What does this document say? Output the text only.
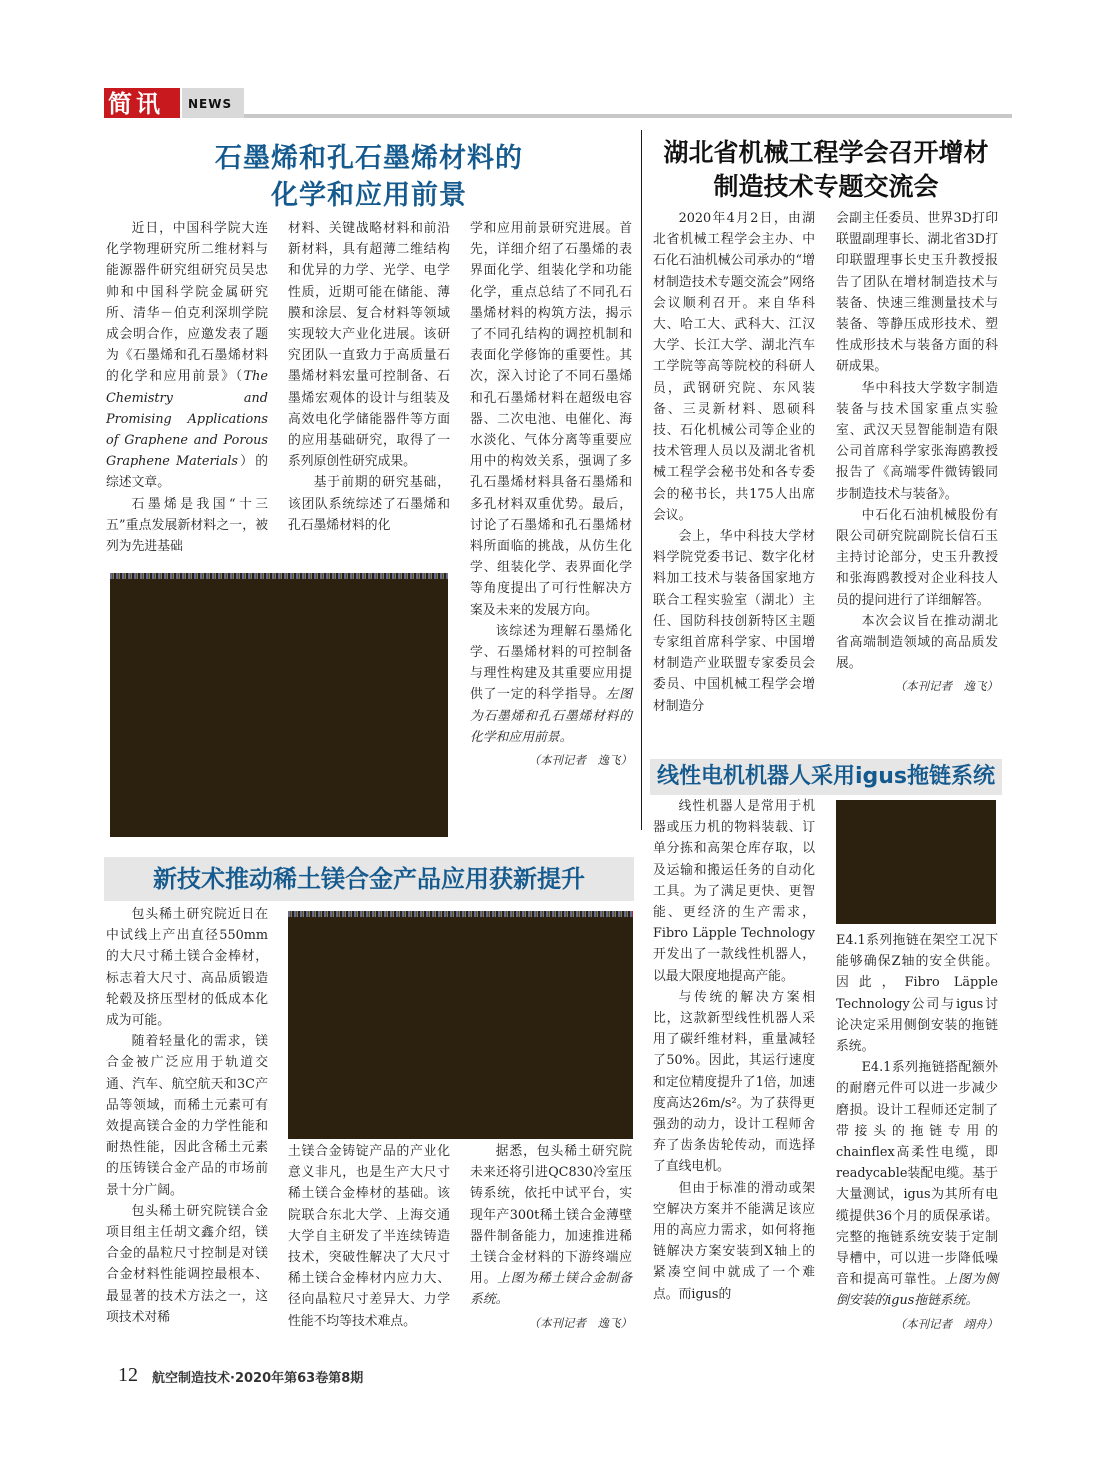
简讯	NEWS
石墨烯和孔石墨烯材料的
化学和应用前景

近日，中国科学院大连化学物理研究所二维材料与能源器件研究组研究员吴忠帅和中国科学院金属研究所、清华－伯克利深圳学院成会明合作，应邀发表了题为《石墨烯和孔石墨烯材料的化学和应用前景》（The Chemistry and Promising Applications of Graphene and Porous Graphene Materials）的综述文章。

石墨烯是我国“十三五”重点发展新材料之一，被列为先进基础

材料、关键战略材料和前沿新材料，具有超薄二维结构和优异的力学、光学、电学性质，近期可能在储能、薄膜和涂层、复合材料等领域实现较大产业化进展。该研究团队一直致力于高质量石墨烯材料宏量可控制备、石墨烯宏观体的设计与组装及高效电化学储能器件等方面的应用基础研究，取得了一系列原创性研究成果。

基于前期的研究基础，该团队系统综述了石墨烯和孔石墨烯材料的化

学和应用前景研究进展。首先，详细介绍了石墨烯的表界面化学、组装化学和功能化学，重点总结了不同孔石墨烯材料的构筑方法，揭示了不同孔结构的调控机制和表面化学修饰的重要性。其次，深入讨论了不同石墨烯和孔石墨烯材料在超级电容器、二次电池、电催化、海水淡化、气体分离等重要应用中的构效关系，强调了多孔石墨烯材料具备石墨烯和多孔材料双重优势。最后，讨论了石墨烯和孔石墨烯材料所面临的挑战，从仿生化学、组装化学、表界面化学等角度提出了可行性解决方案及未来的发展方向。

该综述为理解石墨烯化学、石墨烯材料的可控制备与理性构建及其重要应用提供了一定的科学指导。左图为石墨烯和孔石墨烯材料的化学和应用前景。

（本刊记者　逸飞）

湖北省机械工程学会召开增材
制造技术专题交流会

2020年4月2日，由湖北省机械工程学会主办、中石化石油机械公司承办的“增材制造技术专题交流会”网络会议顺利召开。来自华科大、哈工大、武科大、江汉大学、长江大学、湖北汽车工学院等高等院校的科研人员，武钢研究院、东风装备、三灵新材料、恩硕科技、石化机械公司等企业的技术管理人员以及湖北省机械工程学会秘书处和各专委会的秘书长，共175人出席会议。

会上，华中科技大学材料学院党委书记、数字化材料加工技术与装备国家地方联合工程实验室（湖北）主任、国防科技创新特区主题专家组首席科学家、中国增材制造产业联盟专家委员会委员、中国机械工程学会增材制造分

会副主任委员、世界3D打印联盟副理事长、湖北省3D打印联盟理事长史玉升教授报告了团队在增材制造技术与装备、快速三维测量技术与装备、等静压成形技术、塑性成形技术与装备方面的科研成果。

华中科技大学数字制造装备与技术国家重点实验室、武汉天昱智能制造有限公司首席科学家张海鸥教授报告了《高端零件微铸锻同步制造技术与装备》。

中石化石油机械股份有限公司研究院副院长信石玉主持讨论部分，史玉升教授和张海鸥教授对企业科技人员的提问进行了详细解答。

本次会议旨在推动湖北省高端制造领域的高品质发展。

（本刊记者　逸飞）

线性电机机器人采用igus拖链系统

线性机器人是常用于机器或压力机的物料装载、订单分拣和高架仓库存取，以及运输和搬运任务的自动化工具。为了满足更快、更智能、更经济的生产需求，Fibro Läpple Technology开发出了一款线性机器人，以最大限度地提高产能。

与传统的解决方案相比，这款新型线性机器人采用了碳纤维材料，重量减轻了50%。因此，其运行速度和定位精度提升了1倍，加速度高达26m/s²。为了获得更强劲的动力，设计工程师舍弃了齿条齿轮传动，而选择了直线电机。

但由于标准的滑动或架空解决方案并不能满足该应用的高应力需求，如何将拖链解决方案安装到X轴上的紧凑空间中就成了一个难点。而igus的

E4.1系列拖链在架空工况下能够确保Z轴的安全供能。因此，Fibro Läpple Technology公司与igus讨论决定采用侧倒安装的拖链系统。

E4.1系列拖链搭配额外的耐磨元件可以进一步减少磨损。设计工程师还定制了带接头的拖链专用的chainflex高柔性电缆，即readycable装配电缆。基于大量测试，igus为其所有电缆提供36个月的质保承诺。完整的拖链系统安装于定制导槽中，可以进一步降低噪音和提高可靠性。上图为侧倒安装的igus拖链系统。

（本刊记者　翊舟）

新技术推动稀土镁合金产品应用获新提升

包头稀土研究院近日在中试线上产出直径550mm的大尺寸稀土镁合金棒材，标志着大尺寸、高品质锻造轮毂及挤压型材的低成本化成为可能。

随着轻量化的需求，镁合金被广泛应用于轨道交通、汽车、航空航天和3C产品等领域，而稀土元素可有效提高镁合金的力学性能和耐热性能，因此含稀土元素的压铸镁合金产品的市场前景十分广阔。

包头稀土研究院镁合金项目组主任胡文鑫介绍，镁合金的晶粒尺寸控制是对镁合金材料性能调控最根本、最显著的技术方法之一，这项技术对稀

土镁合金铸锭产品的产业化意义非凡，也是生产大尺寸稀土镁合金棒材的基础。该院联合东北大学、上海交通大学自主研发了半连续铸造技术，突破性解决了大尺寸稀土镁合金棒材内应力大、径向晶粒尺寸差异大、力学性能不均等技术难点。

据悉，包头稀土研究院未来还将引进QC830冷室压铸系统，依托中试平台，实现年产300t稀土镁合金薄壁器件制备能力，加速推进稀土镁合金材料的下游终端应用。上图为稀土镁合金制备系统。

（本刊记者　逸飞）

12 航空制造技术·2020年第63卷第8期
